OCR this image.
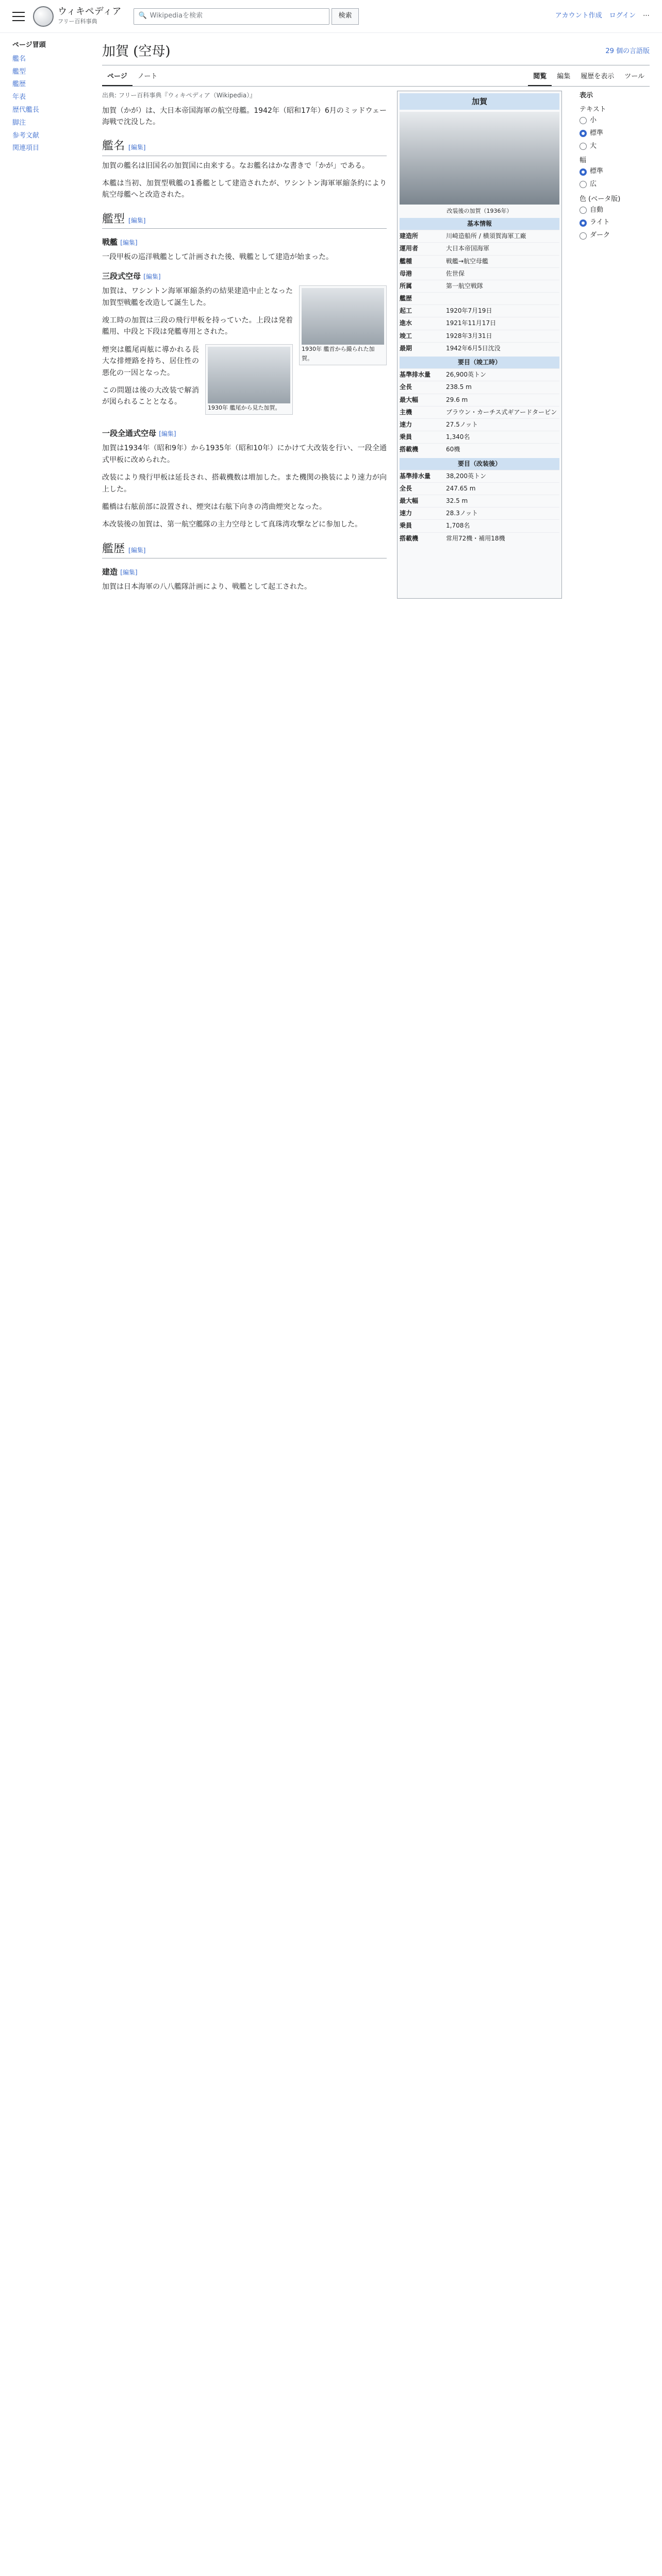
ウィキペディア
フリー百科事典
🔍 Wikipediaを検索	検索	アカウント作成 ログイン ⋯
ページ冒頭
艦名
艦型
艦歴
年表
歴代艦長
脚注
参考文献
関連項目
加賀 (空母)	29 個の言語版
ページ	ノート	閲覧	編集	履歴を表示	ツール
出典: フリー百科事典『ウィキペディア（Wikipedia）』

加賀（かが）は、大日本帝国海軍の航空母艦。1942年（昭和17年）6月のミッドウェー海戦で沈没した。

艦名 [編集]

加賀の艦名は旧国名の加賀国に由来する。なお艦名はかな書きで「かが」である。

本艦は当初、加賀型戦艦の1番艦として建造されたが、ワシントン海軍軍縮条約により航空母艦へと改造された。

艦型 [編集]
戦艦 [編集]

一段甲板の巡洋戦艦として計画された後、戦艦として建造が始まった。

三段式空母 [編集]
1930年 艦首から撮られた加賀。

加賀は、ワシントン海軍軍縮条約の結果建造中止となった加賀型戦艦を改造して誕生した。

竣工時の加賀は三段の飛行甲板を持っていた。上段は発着艦用、中段と下段は発艦専用とされた。

1930年 艦尾から見た加賀。

煙突は艦尾両舷に導かれる長大な排煙路を持ち、居住性の悪化の一因となった。

この問題は後の大改装で解消が図られることとなる。

一段全通式空母 [編集]

加賀は1934年（昭和9年）から1935年（昭和10年）にかけて大改装を行い、一段全通式甲板に改められた。

改装により飛行甲板は延長され、搭載機数は増加した。また機関の換装により速力が向上した。

艦橋は右舷前部に設置され、煙突は右舷下向きの湾曲煙突となった。

本改装後の加賀は、第一航空艦隊の主力空母として真珠湾攻撃などに参加した。

艦歴 [編集]
建造 [編集]

加賀は日本海軍の八八艦隊計画により、戦艦として起工された。

加賀
改装後の加賀（1936年）
基本情報
建造所	川崎造船所 / 横須賀海軍工廠
運用者	大日本帝国海軍
艦種	戦艦→航空母艦
母港	佐世保
所属	第一航空戦隊
艦歴
起工	1920年7月19日
進水	1921年11月17日
竣工	1928年3月31日
最期	1942年6月5日沈没
要目（竣工時）
基準排水量	26,900英トン
全長	238.5 m
最大幅	29.6 m
主機	ブラウン・カーチス式ギアードタービン
速力	27.5ノット
乗員	1,340名
搭載機	60機
要目（改装後）
基準排水量	38,200英トン
全長	247.65 m
最大幅	32.5 m
速力	28.3ノット
乗員	1,708名
搭載機	常用72機・補用18機
表示
テキスト
小
標準
大
幅
標準
広
色 (ベータ版)
自動
ライト
ダーク
